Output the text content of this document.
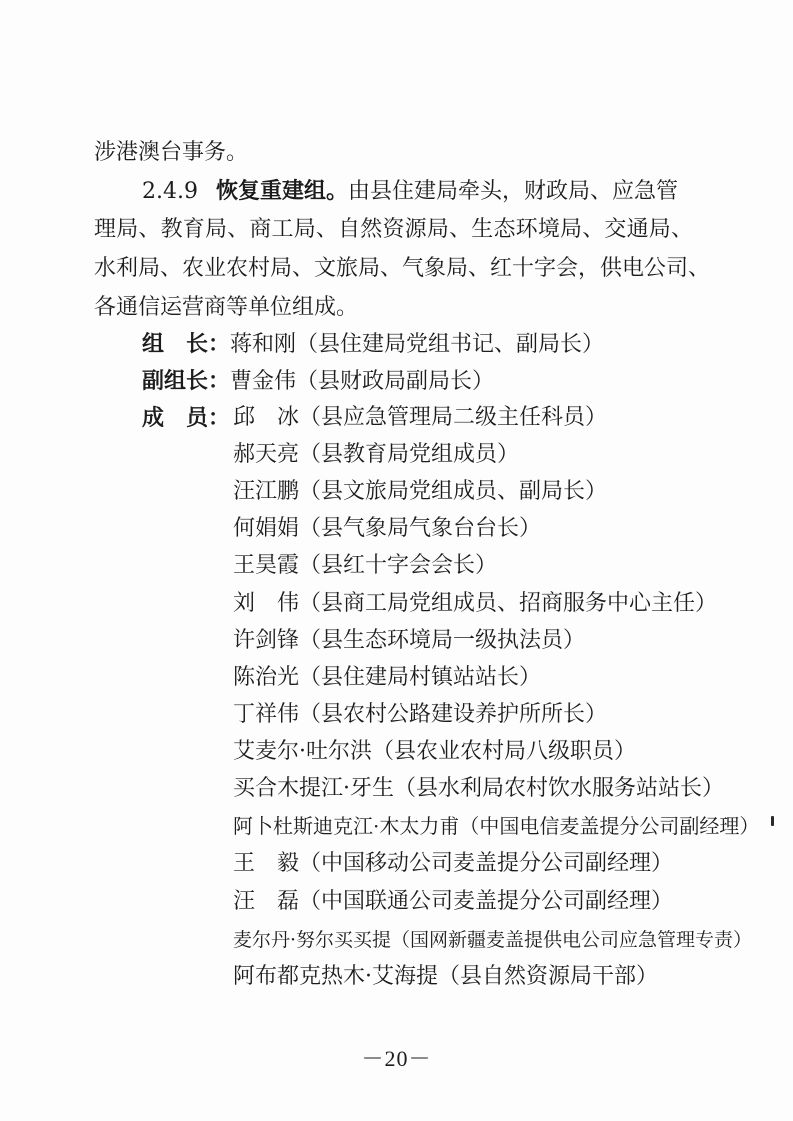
涉港澳台事务。
2.4.9 恢复重建组。由县住建局牵头，财政局、应急管
理局、教育局、商工局、自然资源局、生态环境局、交通局、
水利局、农业农村局、文旅局、气象局、红十字会，供电公司、
各通信运营商等单位组成。
组　长：蒋和刚（县住建局党组书记、副局长）
副组长：曹金伟（县财政局副局长）
成　员： 邱　冰（县应急管理局二级主任科员）
郝天亮（县教育局党组成员）
汪江鹏（县文旅局党组成员、副局长）
何娟娟（县气象局气象台台长）
王昊霞（县红十字会会长）
刘　伟（县商工局党组成员、招商服务中心主任）
许剑锋（县生态环境局一级执法员）
陈治光（县住建局村镇站站长）
丁祥伟（县农村公路建设养护所所长）
艾麦尔·吐尔洪（县农业农村局八级职员）
买合木提江·牙生（县水利局农村饮水服务站站长）
阿卜杜斯迪克江·木太力甫（中国电信麦盖提分公司副经理）
王　毅（中国移动公司麦盖提分公司副经理）
汪　磊（中国联通公司麦盖提分公司副经理）
麦尔丹·努尔买买提（国网新疆麦盖提供电公司应急管理专责）
阿布都克热木·艾海提（县自然资源局干部）
－20－
